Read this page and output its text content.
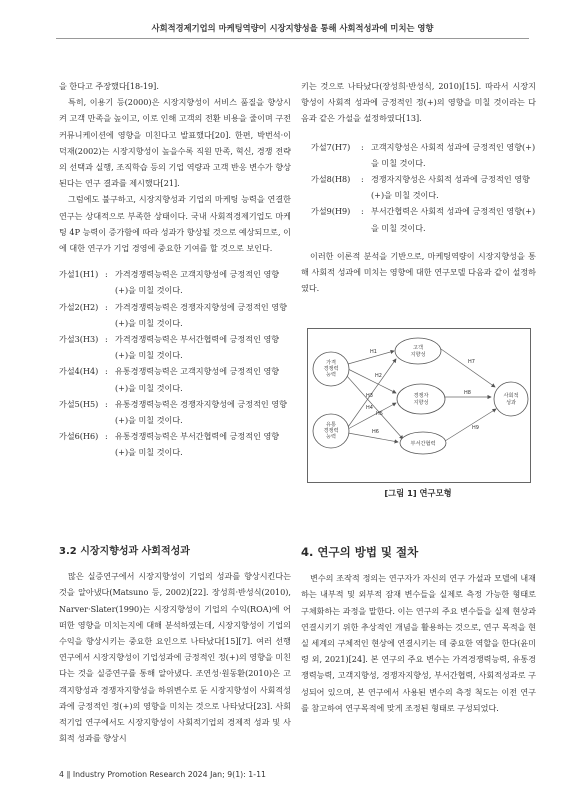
사회적경제기업의 마케팅역량이 시장지향성을 통해 사회적성과에 미치는 영향

을 한다고 주장했다[18-19].

특히, 이용기 등(2000)은 시장지향성이 서비스 품질을 향상시켜 고객 만족을 높이고, 이로 인해 고객의 전환 비용을 줄이며 구전 커뮤니케이션에 영향을 미친다고 발표했다[20]. 한편, 박번석·이덕재(2002)는 시장지향성이 높을수록 직원 만족, 혁신, 경쟁 전략의 선택과 실행, 조직학습 등의 기업 역량과 고객 반응 변수가 향상된다는 연구 결과를 제시했다[21].

그럼에도 불구하고, 시장지향성과 기업의 마케팅 능력을 연결한 연구는 상대적으로 부족한 상태이다. 국내 사회적경제기업도 마케팅 4P 능력이 증가함에 따라 성과가 향상될 것으로 예상되므로, 이에 대한 연구가 기업 경영에 중요한 기여를 할 것으로 보인다.

가설1(H1) : 가격경쟁력능력은 고객지향성에 긍정적인 영향(+)을 미칠 것이다.
가설2(H2) : 가격경쟁력능력은 경쟁자지향성에 긍정적인 영향(+)을 미칠 것이다.
가설3(H3) : 가격경쟁력능력은 부서간협력에 긍정적인 영향(+)을 미칠 것이다.
가설4(H4) : 유통경쟁력능력은 고객지향성에 긍정적인 영향(+)을 미칠 것이다.
가설5(H5) : 유통경쟁력능력은 경쟁자지향성에 긍정적인 영향(+)을 미칠 것이다.
가설6(H6) : 유통경쟁력능력은 부서간협력에 긍정적인 영향(+)을 미칠 것이다.

키는 것으로 나타났다(장성희·반성식, 2010)[15]. 따라서 시장지향성이 사회적 성과에 긍정적인 정(+)의 영향을 미칠 것이라는 다음과 같은 가설을 설정하였다[13].

가설7(H7)	: 고객지향성은 사회적 성과에 긍정적인 영향(+)을 미칠 것이다.
가설8(H8)	: 경쟁자지향성은 사회적 성과에 긍정적인 영향(+)을 미칠 것이다.
가설9(H9)	: 부서간협력은 사회적 성과에 긍정적인 영향(+)을 미칠 것이다.

이러한 이론적 분석을 기반으로, 마케팅역량이 시장지향성을 통해 사회적 성과에 미치는 영향에 대한 연구모델 다음과 같이 설정하였다.

H1
H2
H3
H4
H5
H6
H7
H8
H9
가격
경쟁력
능력
유통
경쟁력
능력
고객
지향성
경쟁자
지향성
부서간협력
사회적
성과
[그림 1] 연구모형

3.2 시장지향성과 사회적성과

많은 실증연구에서 시장지향성이 기업의 성과를 향상시킨다는 것을 알아냈다(Matsuno 등, 2002)[22]. 장성희·반성식(2010), Narver·Slater(1990)는 시장지향성이 기업의 수익(ROA)에 어떠한 영향을 미치는지에 대해 분석하였는데, 시장지향성이 기업의 수익을 향상시키는 중요한 요인으로 나타났다[15][7]. 여러 선행연구에서 시장지향성이 기업성과에 긍정적인 정(+)의 영향을 미친다는 것을 실증연구를 통해 알아냈다. 조연성·원동환(2010)은 고객지향성과 경쟁자지향성을 하위변수로 둔 시장지향성이 사회적성과에 긍정적인 정(+)의 영향을 미치는 것으로 나타났다[23]. 사회적기업 연구에서도 시장지향성이 사회적기업의 경제적 성과 및 사회적 성과를 향상시

4. 연구의 방법 및 절차

변수의 조작적 정의는 연구자가 자신의 연구 가설과 모델에 내재하는 내부적 및 외부적 잠재 변수들을 실제로 측정 가능한 형태로 구체화하는 과정을 말한다. 이는 연구의 주요 변수들을 실제 현상과 연결시키기 위한 추상적인 개념을 활용하는 것으로, 연구 목적을 현실 세계의 구체적인 현상에 연결시키는 데 중요한 역할을 한다(윤미령 외, 2021)[24]. 본 연구의 주요 변수는 가격경쟁력능력, 유통경쟁력능력, 고객지향성, 경쟁자지향성, 부서간협력, 사회적성과로 구성되어 있으며, 본 연구에서 사용된 변수의 측정 척도는 이전 연구를 참고하여 연구목적에 맞게 조정된 형태로 구성되었다.

4 ∥ Industry Promotion Research 2024 Jan; 9(1): 1-11
